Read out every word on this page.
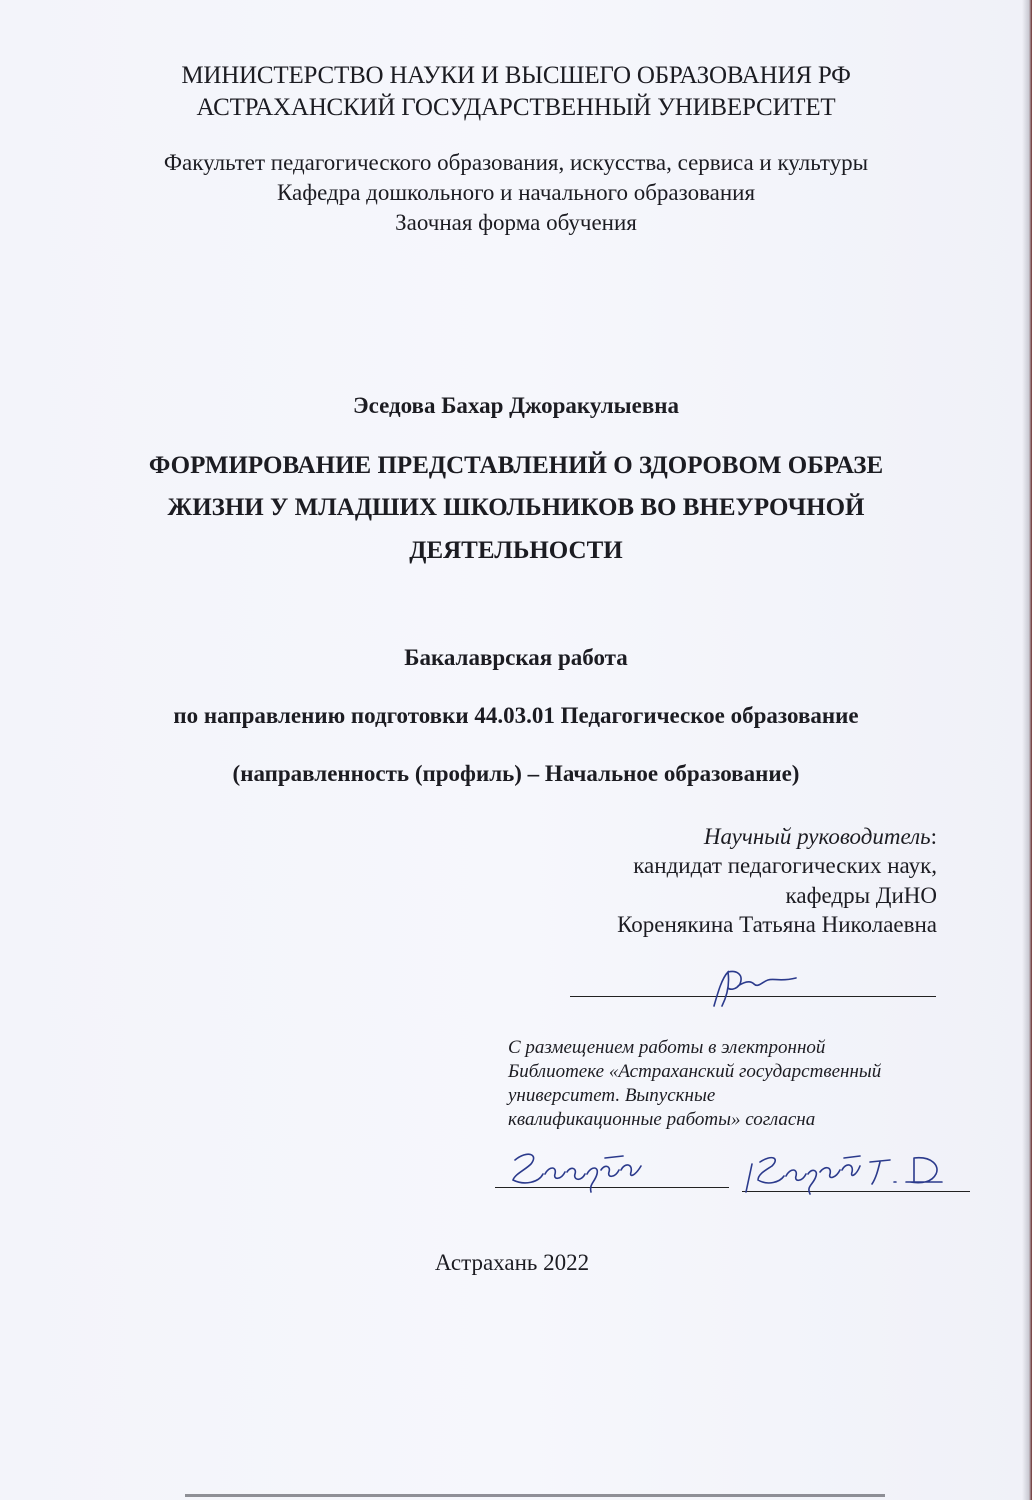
МИНИСТЕРСТВО НАУКИ И ВЫСШЕГО ОБРАЗОВАНИЯ РФ
АСТРАХАНСКИЙ ГОСУДАРСТВЕННЫЙ УНИВЕРСИТЕТ
Факультет педагогического образования, искусства, сервиса и культуры
Кафедра дошкольного и начального образования
Заочная форма обучения
Эседова Бахар Джоракулыевна
ФОРМИРОВАНИЕ ПРЕДСТАВЛЕНИЙ О ЗДОРОВОМ ОБРАЗЕ
ЖИЗНИ У МЛАДШИХ ШКОЛЬНИКОВ ВО ВНЕУРОЧНОЙ
ДЕЯТЕЛЬНОСТИ
Бакалаврская работа
по направлению подготовки 44.03.01 Педагогическое образование
(направленность (профиль) – Начальное образование)
Научный руководитель:
кандидат педагогических наук,
кафедры ДиНО
Коренякина Татьяна Николаевна
С размещением работы в электронной
Библиотеке «Астраханский государственный
университет. Выпускные
квалификационные работы» согласна
Астрахань 2022
